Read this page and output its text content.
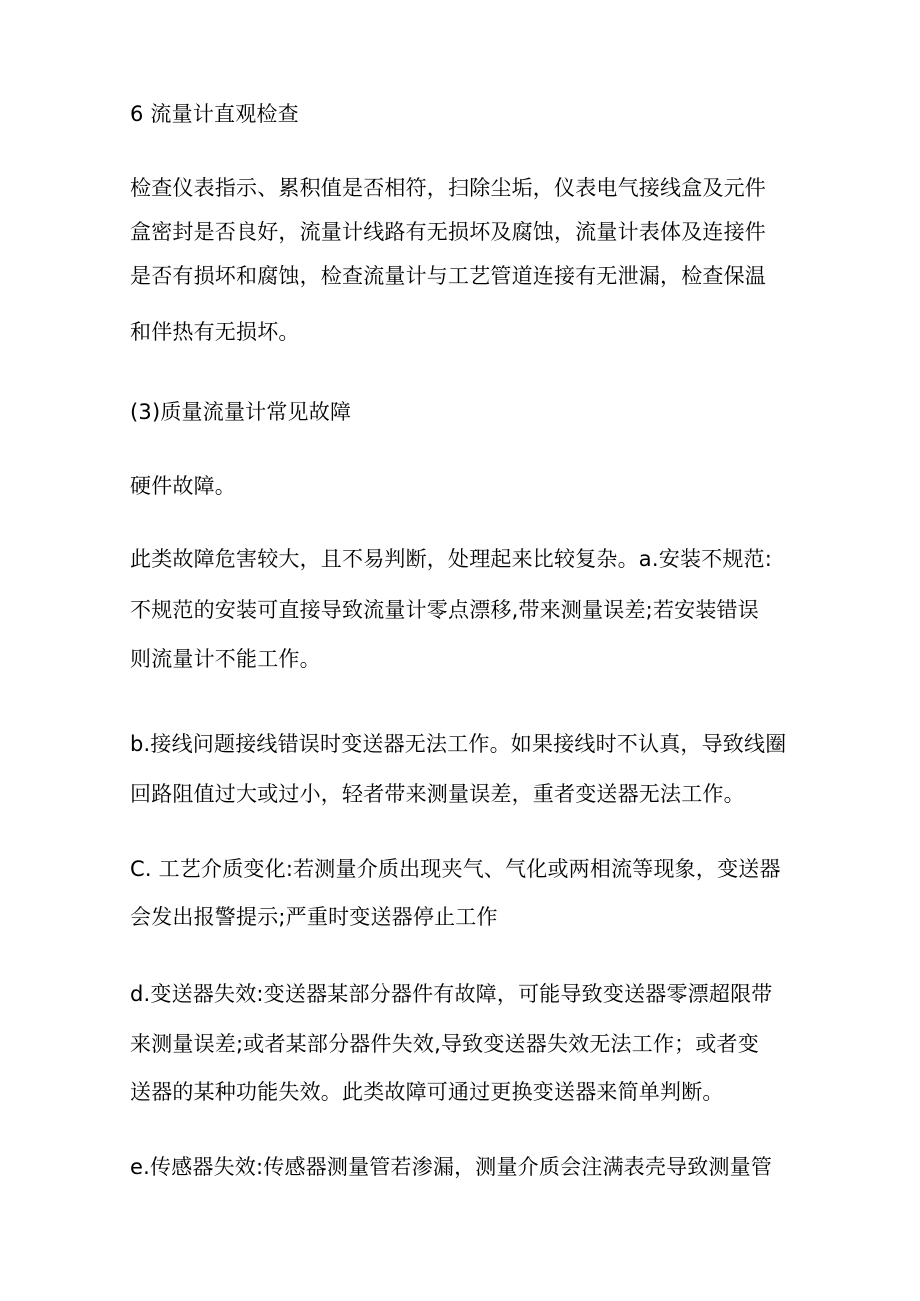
6 流量计直观检查
检查仪表指示、累积值是否相符，扫除尘垢，仪表电气接线盒及元件
盒密封是否良好，流量计线路有无损坏及腐蚀，流量计表体及连接件
是否有损坏和腐蚀，检查流量计与工艺管道连接有无泄漏，检查保温
和伴热有无损坏。
(3)质量流量计常见故障
硬件故障。
此类故障危害较大，且不易判断，处理起来比较复杂。a.安装不规范:
不规范的安装可直接导致流量计零点漂移,带来测量误差;若安装错误
则流量计不能工作。
b.接线问题接线错误时变送器无法工作。如果接线时不认真，导致线圈
回路阻值过大或过小，轻者带来测量误差，重者变送器无法工作。
C. 工艺介质变化:若测量介质出现夹气、气化或两相流等现象，变送器
会发出报警提示;严重时变送器停止工作
d.变送器失效:变送器某部分器件有故障，可能导致变送器零漂超限带
来测量误差;或者某部分器件失效,导致变送器失效无法工作；或者变
送器的某种功能失效。此类故障可通过更换变送器来简单判断。
e.传感器失效:传感器测量管若渗漏，测量介质会注满表壳导致测量管
